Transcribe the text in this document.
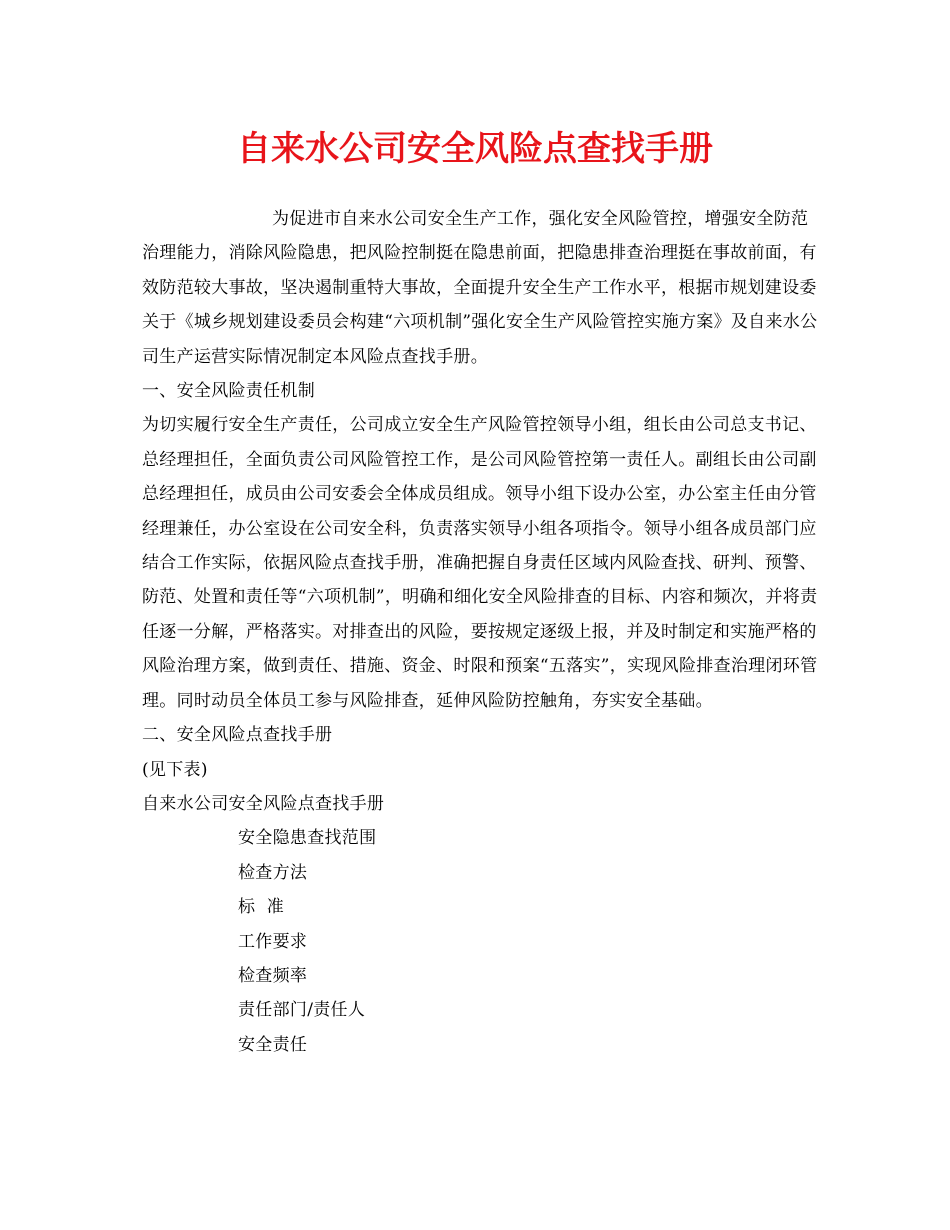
自来水公司安全风险点查找手册

为促进市自来水公司安全生产工作，强化安全风险管控，增强安全防范治理能力，消除风险隐患，把风险控制挺在隐患前面，把隐患排查治理挺在事故前面，有效防范较大事故，坚决遏制重特大事故，全面提升安全生产工作水平，根据市规划建设委关于《城乡规划建设委员会构建“六项机制”强化安全生产风险管控实施方案》及自来水公司生产运营实际情况制定本风险点查找手册。

一、安全风险责任机制

为切实履行安全生产责任，公司成立安全生产风险管控领导小组，组长由公司总支书记、总经理担任，全面负责公司风险管控工作，是公司风险管控第一责任人。副组长由公司副总经理担任，成员由公司安委会全体成员组成。领导小组下设办公室，办公室主任由分管经理兼任，办公室设在公司安全科，负责落实领导小组各项指令。领导小组各成员部门应结合工作实际，依据风险点查找手册，准确把握自身责任区域内风险查找、研判、预警、防范、处置和责任等“六项机制”，明确和细化安全风险排查的目标、内容和频次，并将责任逐一分解，严格落实。对排查出的风险，要按规定逐级上报，并及时制定和实施严格的风险治理方案，做到责任、措施、资金、时限和预案“五落实”，实现风险排查治理闭环管理。同时动员全体员工参与风险排查，延伸风险防控触角，夯实安全基础。

二、安全风险点查找手册

(见下表)

自来水公司安全风险点查找手册

安全隐患查找范围
检查方法
标  准
工作要求
检查频率
责任部门/责任人
安全责任
